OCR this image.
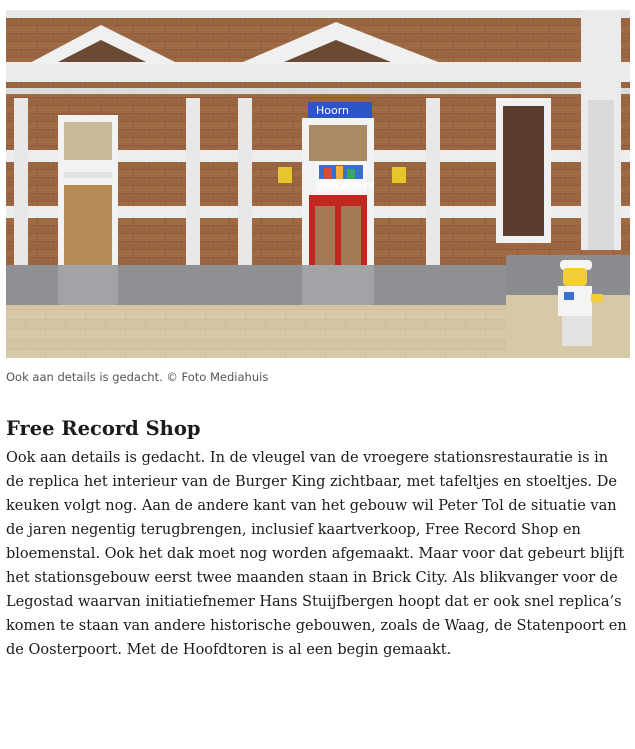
Hoorn
BRICK CITY
Ook aan details is gedacht. © Foto Mediahuis
Free Record Shop

Ook aan details is gedacht. In de vleugel van de vroegere stationsrestauratie is in de replica het interieur van de Burger King zichtbaar, met tafeltjes en stoeltjes. De keuken volgt nog. Aan de andere kant van het gebouw wil Peter Tol de situatie van de jaren negentig terugbrengen, inclusief kaartverkoop, Free Record Shop en bloemenstal. Ook het dak moet nog worden afgemaakt. Maar voor dat gebeurt blijft het stationsgebouw eerst twee maanden staan in Brick City. Als blikvanger voor de Legostad waarvan initiatiefnemer Hans Stuijfbergen hoopt dat er ook snel replica’s komen te staan van andere historische gebouwen, zoals de Waag, de Statenpoort en de Oosterpoort. Met de Hoofdtoren is al een begin gemaakt.
